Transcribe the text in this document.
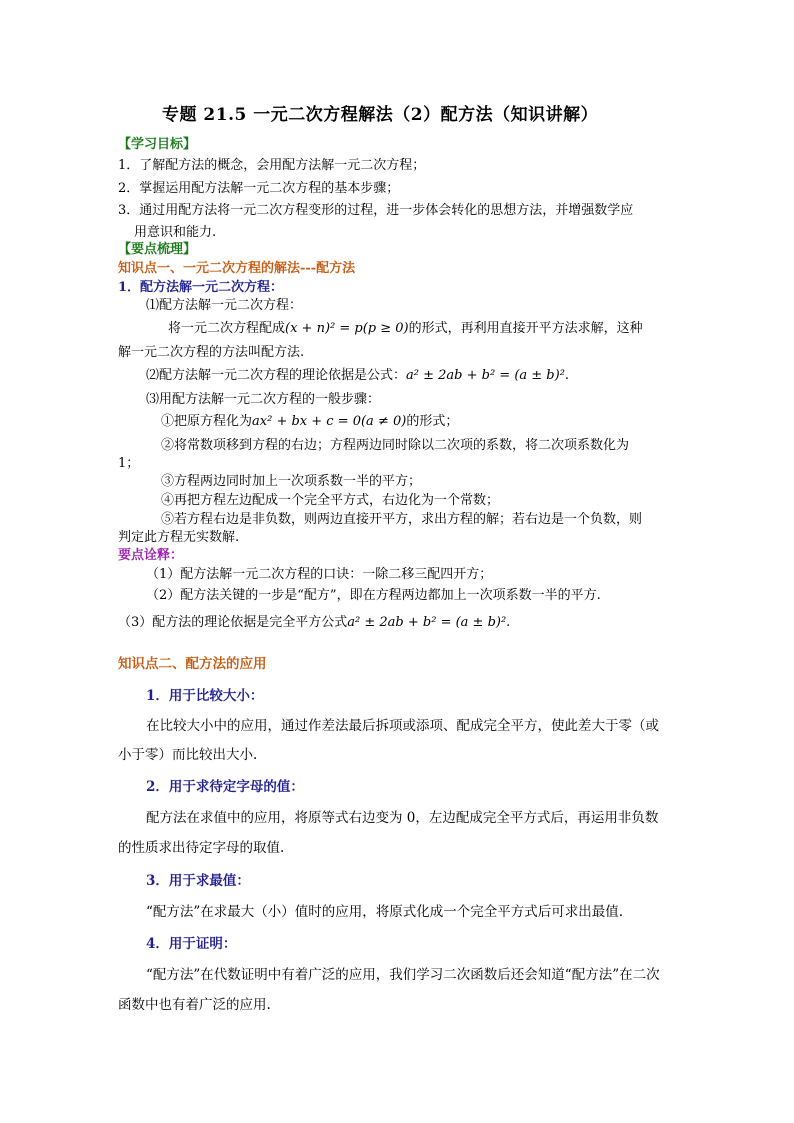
专题 21.5 一元二次方程解法（2）配方法（知识讲解）
【学习目标】
1．了解配方法的概念，会用配方法解一元二次方程；
2．掌握运用配方法解一元二次方程的基本步骤；
3．通过用配方法将一元二次方程变形的过程，进一步体会转化的思想方法，并增强数学应
用意识和能力.
【要点梳理】
知识点一、一元二次方程的解法---配方法
1．配方法解一元二次方程：
⑴配方法解一元二次方程：
将一元二次方程配成(x + n)² = p(p ≥ 0)的形式，再利用直接开平方法求解，这种
解一元二次方程的方法叫配方法.
⑵配方法解一元二次方程的理论依据是公式：a² ± 2ab + b² = (a ± b)².
⑶用配方法解一元二次方程的一般步骤：
①把原方程化为ax² + bx + c = 0(a ≠ 0)的形式；
②将常数项移到方程的右边；方程两边同时除以二次项的系数，将二次项系数化为
1；
③方程两边同时加上一次项系数一半的平方；
④再把方程左边配成一个完全平方式，右边化为一个常数；
⑤若方程右边是非负数，则两边直接开平方，求出方程的解；若右边是一个负数，则
判定此方程无实数解.
要点诠释：
（1）配方法解一元二次方程的口诀：一除二移三配四开方；
（2）配方法关键的一步是“配方”，即在方程两边都加上一次项系数一半的平方.
（3）配方法的理论依据是完全平方公式a² ± 2ab + b² = (a ± b)².
知识点二、配方法的应用
1．用于比较大小：
在比较大小中的应用，通过作差法最后拆项或添项、配成完全平方，使此差大于零（或
小于零）而比较出大小.
2．用于求待定字母的值：
配方法在求值中的应用，将原等式右边变为 0，左边配成完全平方式后，再运用非负数
的性质求出待定字母的取值.
3．用于求最值：
“配方法”在求最大（小）值时的应用，将原式化成一个完全平方式后可求出最值.
4．用于证明：
“配方法”在代数证明中有着广泛的应用，我们学习二次函数后还会知道“配方法”在二次
函数中也有着广泛的应用.
